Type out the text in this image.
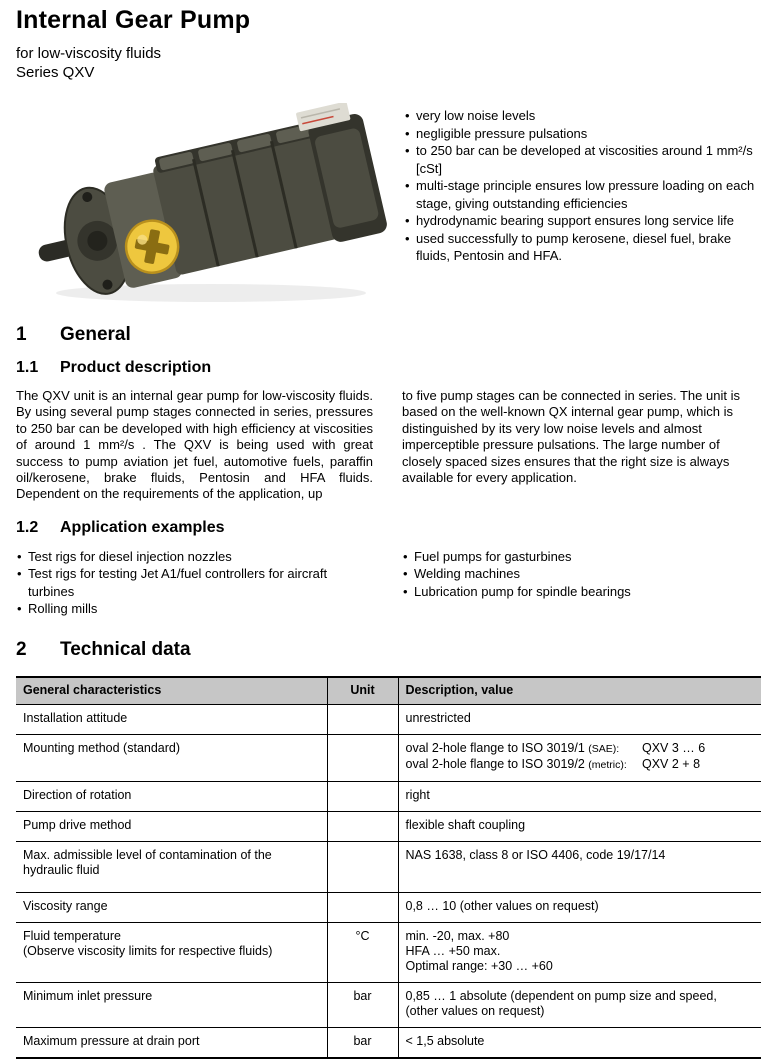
Internal Gear Pump
for low-viscosity fluids
Series QXV
• very low noise levels
• negligible pressure pulsations
• to 250 bar can be developed at viscosities around 1 mm²/s [cSt]
• multi-stage principle ensures low pressure loading on each stage, giving outstanding efficiencies
• hydrodynamic bearing support ensures long service life
• used successfully to pump kerosene, diesel fuel, brake fluids, Pentosin and HFA.
1	General
1.1	Product description
The QXV unit is an internal gear pump for low-viscosity fluids. By using several pump stages connected in series, pressures to 250 bar can be developed with high efficiency at viscosities of around 1 mm²/s . The QXV is being used with great success to pump aviation jet fuel, automotive fuels, paraffin oil/kerosene, brake fluids, Pentosin and HFA fluids. Dependent on the requirements of the application, up
to five pump stages can be connected in series. The unit is based on the well-known QX internal gear pump, which is distinguished by its very low noise levels and almost imperceptible pressure pulsations. The large number of closely spaced sizes ensures that the right size is always available for every application.
1.2	Application examples
• Test rigs for diesel injection nozzles
• Test rigs for testing Jet A1/fuel controllers for aircraft turbines
• Rolling mills
• Fuel pumps for gasturbines
• Welding machines
• Lubrication pump for spindle bearings
2	Technical data
General characteristics	Unit	Description, value
Installation attitude		unrestricted
Mounting method (standard)		oval 2-hole flange to ISO 3019/1 (SAE): QXV 3 … 6
oval 2-hole flange to ISO 3019/2 (metric): QXV 2 + 8

Direction of rotation		right
Pump drive method		flexible shaft coupling
Max. admissible level of contamination of the hydraulic fluid		NAS 1638, class 8 or ISO 4406, code 19/17/14
Viscosity range		0,8 … 10 (other values on request)

Fluid temperature
(Observe viscosity limits for respective fluids)	°C	min. -20, max. +80
HFA … +50 max.
Optimal range: +30 … +60

Minimum inlet pressure	bar	0,85 … 1 absolute (dependent on pump size and speed,
(other values on request)

Maximum pressure at drain port	bar	< 1,5 absolute
